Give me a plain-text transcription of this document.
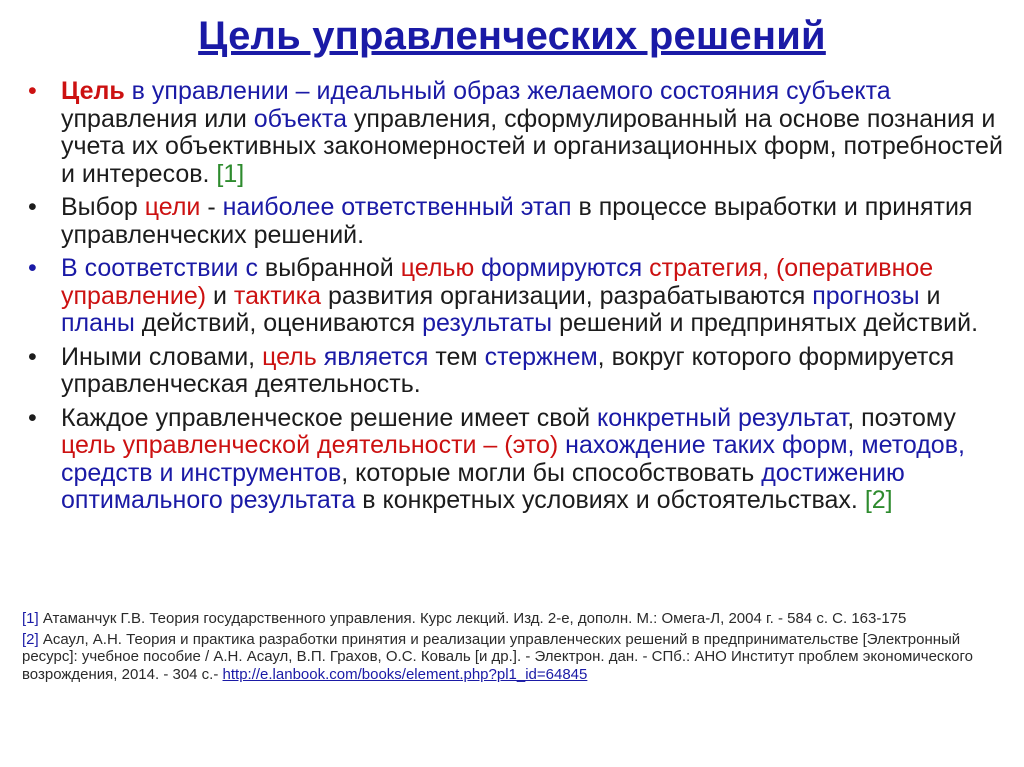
Цель управленческих решений
• Цель в управлении – идеальный образ желаемого состояния субъекта управления или объекта управления, сформулированный на основе познания и учета их объективных закономерностей и организационных форм, потребностей и интересов. [1]
• Выбор цели - наиболее ответственный этап в процессе выработки и принятия управленческих решений.
• В соответствии с выбранной целью формируются стратегия, (оперативное управление) и тактика развития организации, разрабатываются прогнозы и планы действий, оцениваются результаты решений и предпринятых действий.
• Иными словами, цель является тем стержнем, вокруг которого формируется управленческая деятельность.
• Каждое управленческое решение имеет свой конкретный результат, поэтому цель управленческой деятельности – (это) нахождение таких форм, методов, средств и инструментов, которые могли бы способствовать достижению оптимального результата в конкретных условиях и обстоятельствах. [2]

[1] Атаманчук Г.В. Теория государственного управления. Курс лекций. Изд. 2-е, дополн. М.: Омега-Л, 2004 г. - 584 с. С. 163-175

[2] Асаул, А.Н. Теория и практика разработки принятия и реализации управленческих решений в предпринимательстве [Электронный ресурс]: учебное пособие / А.Н. Асаул, В.П. Грахов, О.С. Коваль [и др.]. - Электрон. дан. - СПб.: АНО Институт проблем экономического возрождения, 2014. - 304 с.- http://e.lanbook.com/books/element.php?pl1_id=64845
